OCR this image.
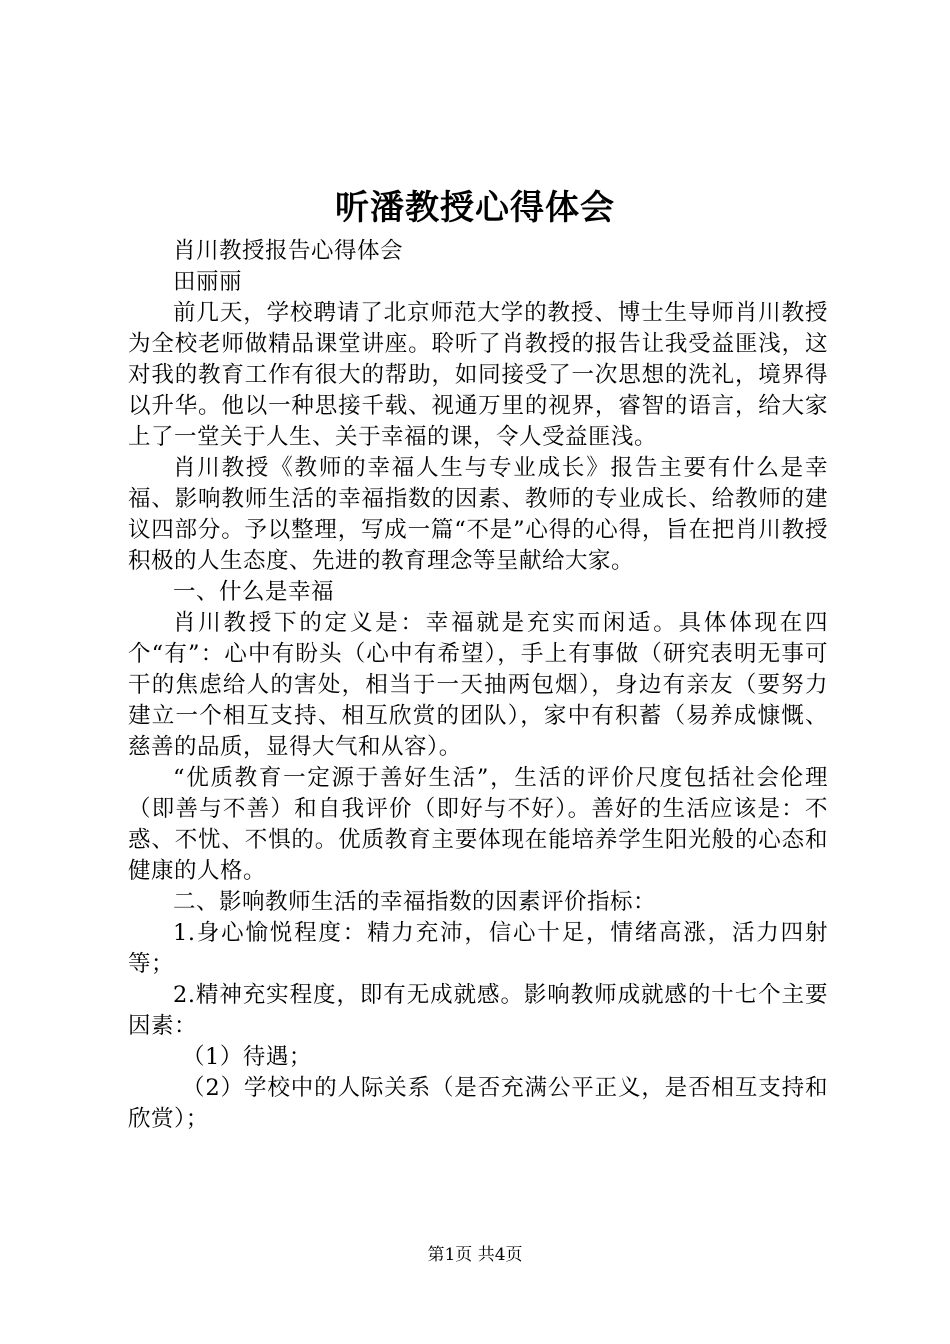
听潘教授心得体会

肖川教授报告心得体会

田丽丽

前几天，学校聘请了北京师范大学的教授、博士生导师肖川教授为全校老师做精品课堂讲座。聆听了肖教授的报告让我受益匪浅，这对我的教育工作有很大的帮助，如同接受了一次思想的洗礼，境界得以升华。他以一种思接千载、视通万里的视界，睿智的语言，给大家上了一堂关于人生、关于幸福的课，令人受益匪浅。

肖川教授《教师的幸福人生与专业成长》报告主要有什么是幸福、影响教师生活的幸福指数的因素、教师的专业成长、给教师的建议四部分。予以整理，写成一篇“不是”心得的心得，旨在把肖川教授积极的人生态度、先进的教育理念等呈献给大家。

一、什么是幸福

肖川教授下的定义是：幸福就是充实而闲适。具体体现在四个“有”：心中有盼头（心中有希望），手上有事做（研究表明无事可干的焦虑给人的害处，相当于一天抽两包烟），身边有亲友（要努力建立一个相互支持、相互欣赏的团队），家中有积蓄（易养成慷慨、慈善的品质，显得大气和从容）。

“优质教育一定源于善好生活”，生活的评价尺度包括社会伦理（即善与不善）和自我评价（即好与不好）。善好的生活应该是：不惑、不忧、不惧的。优质教育主要体现在能培养学生阳光般的心态和健康的人格。

二、影响教师生活的幸福指数的因素评价指标：

1.身心愉悦程度：精力充沛，信心十足，情绪高涨，活力四射等；

2.精神充实程度，即有无成就感。影响教师成就感的十七个主要因素：

（1）待遇；

（2）学校中的人际关系（是否充满公平正义，是否相互支持和欣赏）；

第1页 共4页
